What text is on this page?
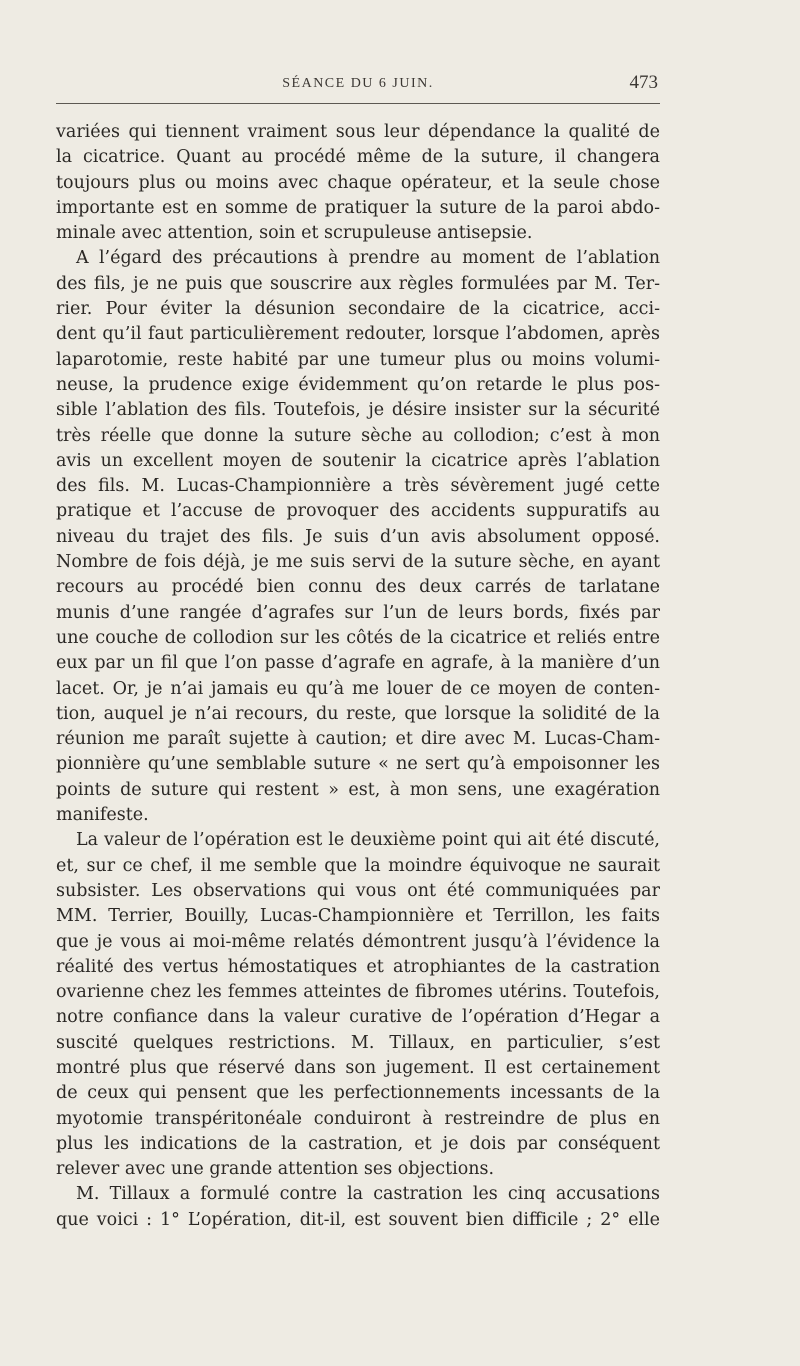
SÉANCE DU 6 JUIN.	473
variées qui tiennent vraiment sous leur dépendance la qualité de
la cicatrice. Quant au procédé même de la suture, il changera
toujours plus ou moins avec chaque opérateur, et la seule chose
importante est en somme de pratiquer la suture de la paroi abdo-
minale avec attention, soin et scrupuleuse antisepsie.
A l’égard des précautions à prendre au moment de l’ablation
des fils, je ne puis que souscrire aux règles formulées par M. Ter-
rier. Pour éviter la désunion secondaire de la cicatrice, acci-
dent qu’il faut particulièrement redouter, lorsque l’abdomen, après
laparotomie, reste habité par une tumeur plus ou moins volumi-
neuse, la prudence exige évidemment qu’on retarde le plus pos-
sible l’ablation des fils. Toutefois, je désire insister sur la sécurité
très réelle que donne la suture sèche au collodion; c’est à mon
avis un excellent moyen de soutenir la cicatrice après l’ablation
des fils. M. Lucas-Championnière a très sévèrement jugé cette
pratique et l’accuse de provoquer des accidents suppuratifs au
niveau du trajet des fils. Je suis d’un avis absolument opposé.
Nombre de fois déjà, je me suis servi de la suture sèche, en ayant
recours au procédé bien connu des deux carrés de tarlatane
munis d’une rangée d’agrafes sur l’un de leurs bords, fixés par
une couche de collodion sur les côtés de la cicatrice et reliés entre
eux par un fil que l’on passe d’agrafe en agrafe, à la manière d’un
lacet. Or, je n’ai jamais eu qu’à me louer de ce moyen de conten-
tion, auquel je n’ai recours, du reste, que lorsque la solidité de la
réunion me paraît sujette à caution; et dire avec M. Lucas-Cham-
pionnière qu’une semblable suture « ne sert qu’à empoisonner les
points de suture qui restent » est, à mon sens, une exagération
manifeste.
La valeur de l’opération est le deuxième point qui ait été discuté,
et, sur ce chef, il me semble que la moindre équivoque ne saurait
subsister. Les observations qui vous ont été communiquées par
MM. Terrier, Bouilly, Lucas-Championnière et Terrillon, les faits
que je vous ai moi-même relatés démontrent jusqu’à l’évidence la
réalité des vertus hémostatiques et atrophiantes de la castration
ovarienne chez les femmes atteintes de fibromes utérins. Toutefois,
notre confiance dans la valeur curative de l’opération d’Hegar a
suscité quelques restrictions. M. Tillaux, en particulier, s’est
montré plus que réservé dans son jugement. Il est certainement
de ceux qui pensent que les perfectionnements incessants de la
myotomie transpéritonéale conduiront à restreindre de plus en
plus les indications de la castration, et je dois par conséquent
relever avec une grande attention ses objections.
M. Tillaux a formulé contre la castration les cinq accusations
que voici : 1° L’opération, dit-il, est souvent bien difficile ; 2° elle
